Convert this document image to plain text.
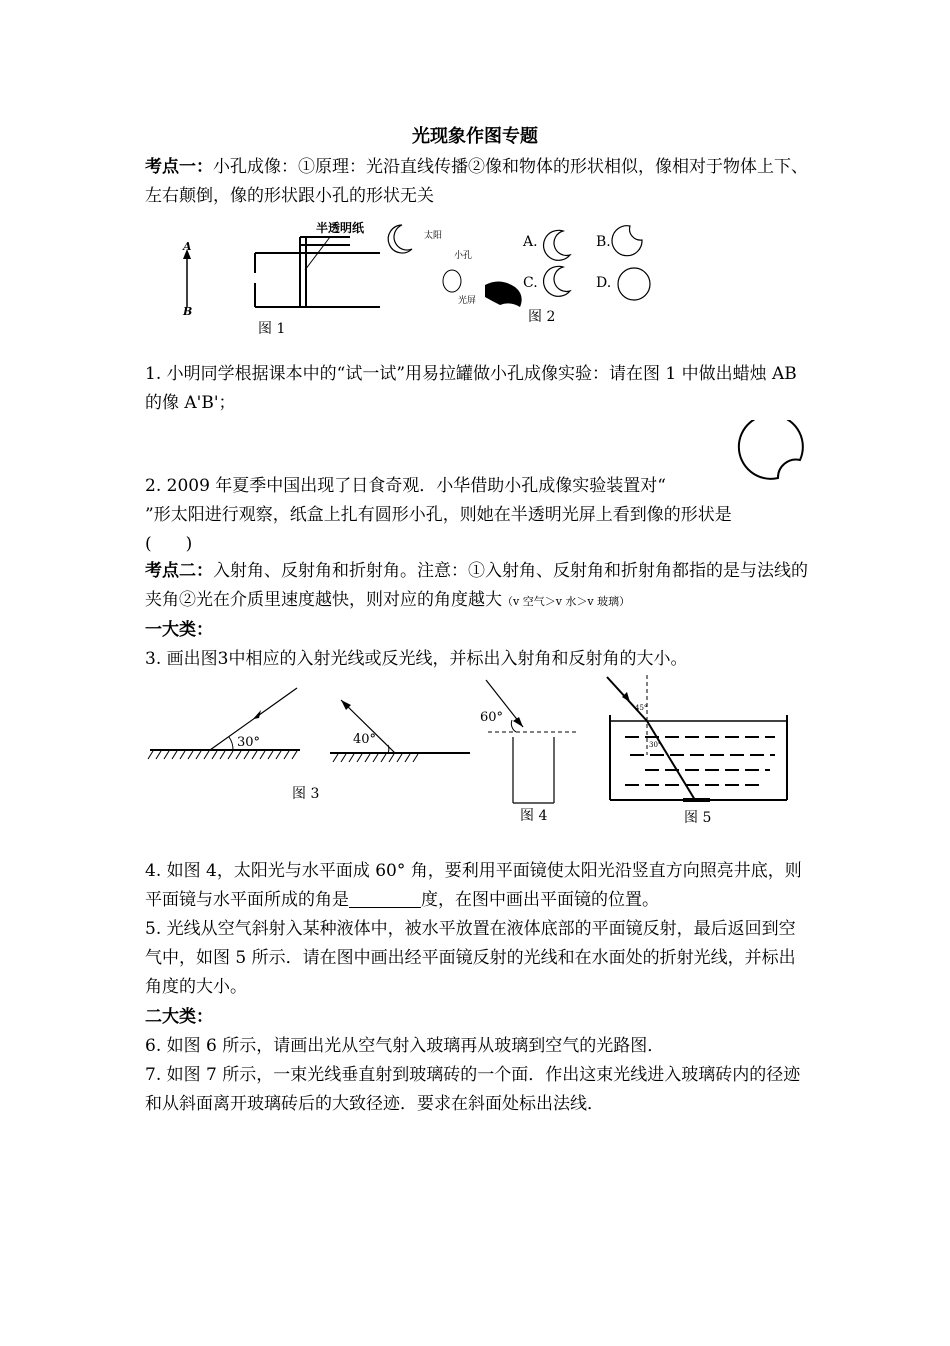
光现象作图专题
考点一：小孔成像：①原理：光沿直线传播②像和物体的形状相似，像相对于物体上下、左右颠倒，像的形状跟小孔的形状无关
A
B
半透明纸
太阳
小孔
光屏
A.	B.
C.	D.
图 1
图 2
1. 小明同学根据课本中的“试一试”用易拉罐做小孔成像实验：请在图 1 中做出蜡烛 AB 的像 A'B'；
2. 2009 年夏季中国出现了日食奇观．小华借助小孔成像实验装置对“
”形太阳进行观察，纸盒上扎有圆形小孔，则她在半透明光屏上看到像的形状是
(　　)
考点二：入射角、反射角和折射角。注意：①入射角、反射角和折射角都指的是与法线的夹角②光在介质里速度越快，则对应的角度越大（v 空气＞v 水＞v 玻璃）
一大类：
3. 画出图3中相应的入射光线或反光线，并标出入射角和反射角的大小。
30°	40°
图 3
60°
图 4
45°
30°
图 5
4. 如图 4，太阳光与水平面成 60° 角，要利用平面镜使太阳光沿竖直方向照亮井底，则平面镜与水平面所成的角是	度，在图中画出平面镜的位置。
5. 光线从空气斜射入某种液体中，被水平放置在液体底部的平面镜反射，最后返回到空气中，如图 5 所示．请在图中画出经平面镜反射的光线和在水面处的折射光线，并标出角度的大小。
二大类：
6. 如图 6 所示，请画出光从空气射入玻璃再从玻璃到空气的光路图．
7. 如图 7 所示，一束光线垂直射到玻璃砖的一个面．作出这束光线进入玻璃砖内的径迹和从斜面离开玻璃砖后的大致径迹．要求在斜面处标出法线．
